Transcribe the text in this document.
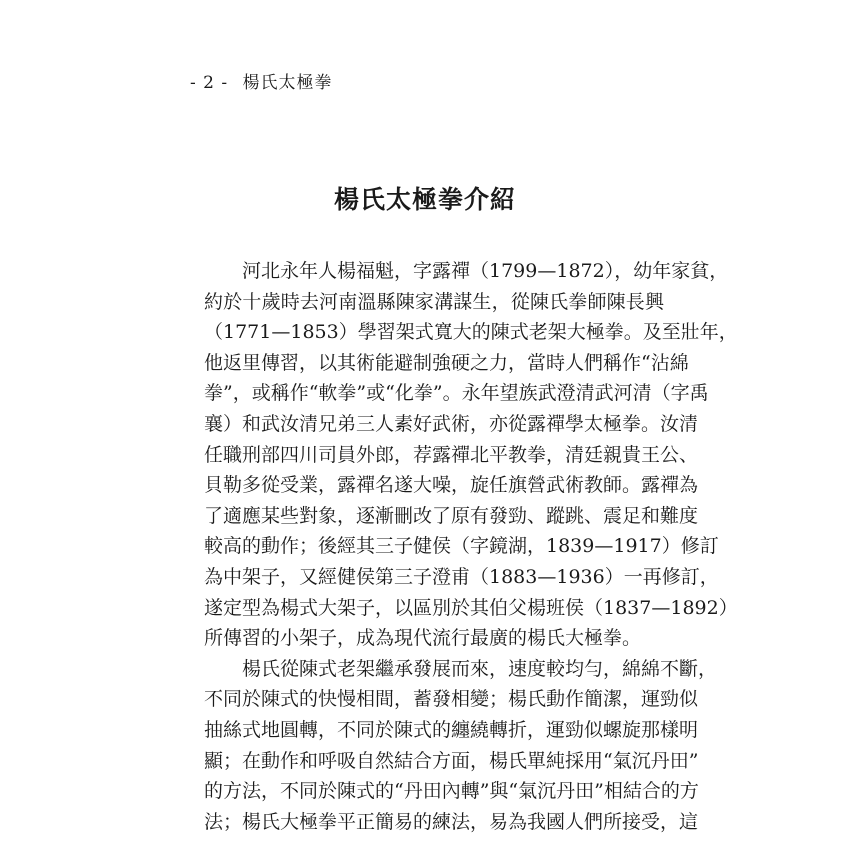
- 2 - 楊氏太極拳
楊氏太極拳介紹
河北永年人楊福魁，字露禪（1799—1872），幼年家貧，
約於十歲時去河南溫縣陳家溝謀生，從陳氏拳師陳長興
（1771—1853）學習架式寬大的陳式老架大極拳。及至壯年，
他返里傳習，以其術能避制強硬之力，當時人們稱作“沾綿
拳”，或稱作“軟拳”或“化拳”。永年望族武澄清武河清（字禹
襄）和武汝清兄弟三人素好武術，亦從露禪學太極拳。汝清
任職刑部四川司員外郎，荐露禪北平教拳，清廷親貴王公、
貝勒多從受業，露禪名遂大噪，旋任旗營武術教師。露禪為
了適應某些對象，逐漸刪改了原有發勁、蹤跳、震足和難度
較高的動作；後經其三子健侯（字鏡湖，1839—1917）修訂
為中架子，又經健侯第三子澄甫（1883—1936）一再修訂，
遂定型為楊式大架子，以區別於其伯父楊班侯（1837—1892）
所傳習的小架子，成為現代流行最廣的楊氏大極拳。
楊氏從陳式老架繼承發展而來，速度較均勻，綿綿不斷，
不同於陳式的快慢相間，蓄發相變；楊氏動作簡潔，運勁似
抽絲式地圓轉，不同於陳式的纏繞轉折，運勁似螺旋那樣明
顯；在動作和呼吸自然結合方面，楊氏單純採用“氣沉丹田”
的方法，不同於陳式的“丹田內轉”與“氣沉丹田”相結合的方
法；楊氏大極拳平正簡易的練法，易為我國人們所接受，這
